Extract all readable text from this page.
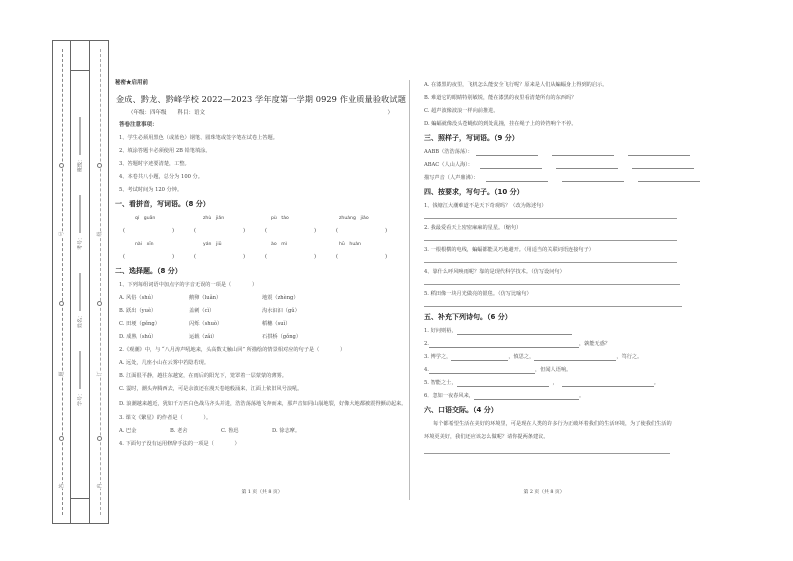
号
题
答
班级：
考号：
姓名：
学号：
级
订
内
秘密★启用前
金成、黔龙、黔峰学校 2022—2023 学年度第一学期 0929 作业质量验收试题
（年级：四年级　　科目：语文	）
答卷注意事项：
1、学生必须用黑色（或蓝色）钢笔、圆珠笔或签字笔在试卷上答题。
2、填涂答题卡必须使用 2B 铅笔填涂。
3、答题时字迹要清楚，工整。
4、本卷共八小题，总分为 100 分。
5、考试时间为 120 分钟。
一、看拼音，写词语。（8 分）
qí　guān	zhù　jiǎn	pù　tào	zhuàng　jiǎo
(	)	(	)	(	)	(	)
nài　xīn	yán　jiū	ào　mì	hū　huàn
(	)	(	)	(	)	(	)
二、选择题。（8 分）
1、下列每组词语中加点字的字音无误的一项是（　　　　）
A. 风俗（shú）	鹅卵（luǎn）	地震（zhèng）
B. 跃出（yuè）	盖刺（cì）	沟水汩汩（gǔ）
C. 田埂（gěng）	闪烁（shuò）	稻穗（suì）
D. 成熟（shú）	运载（zǎi）	石拱桥（gǒng）
2.《观潮》中，与 “八月涛声吼地来，头高数丈触山回” 所描绘的情景相对应的句子是（　　　　）
A. 远处，几座小山在云雾中若隐若现。
B. 江面很平静，越往东越宽，在雨后的阳光下，笼罩着一层蒙蒙的薄雾。
C. 霎时，潮头奔腾西去，可是余波还在漫天卷地般涌来，江面上依旧风号浪吼。
D. 浪潮越来越近，犹如千万匹白色战马齐头并进，浩浩荡荡地飞奔而来，那声音如同山崩地裂，好像大地都被震得颤动起来。
3. 课文《繁星》的作者是（　　　　）。
A. 巴金	B. 老舍	C. 鲁迅	D. 徐志摩。
4. 下面句子没有运用修辞手法的一项是（　　　　）
第 1 页（共 8 页）
A. 在漆黑的夜里，飞机怎么能安全飞行呢？原来是人们从蝙蝠身上得到的启示。
B. 难道它的眼睛特别敏锐，能在漆黑的夜里看清楚所有的东西吗？
C. 超声波像波浪一样向前推进。
D. 蝙蝠就像没头苍蝇似的到处乱撞，挂在绳子上的铃铛响个不停。
三、照样子，写词语。（9 分）
AABB（浩浩荡荡）：
ABAC（人山人海）：
描写声音（人声鼎沸）：
四、按要求，写句子。（10 分）
1、钱塘江大潮难道不是天下奇观吗？（改为陈述句）
2. 我最爱看天上密密麻麻的星星。（缩句）
3. 一根根横的电线，蝙蝠都能灵巧地避开。（用适当的关联词语连接句子）
4、靠什么呼风唤雨呢？靠的是现代科学技术。（仿写设问句）
5. 稻田像一块月光做亮的银毯。（仿写比喻句）
五、补充下列诗句。（6 分）
1. 好问则裕，
2.	，孰能无惑？
3. 博学之，	，慎思之，	，笃行之。
4.	，但闻人语响。
5. 智能之士，	，	。
6．忽如一夜春风来，	。
六、口语交际。（4 分）
每个都希望生活在美好的环境里，可是现在人类的许多行为正破坏着我们的生活环境，为了使我们生活的
环境更美好，我们还应该怎么做呢？请你提两条建议。
第 2 页（共 8 页）
